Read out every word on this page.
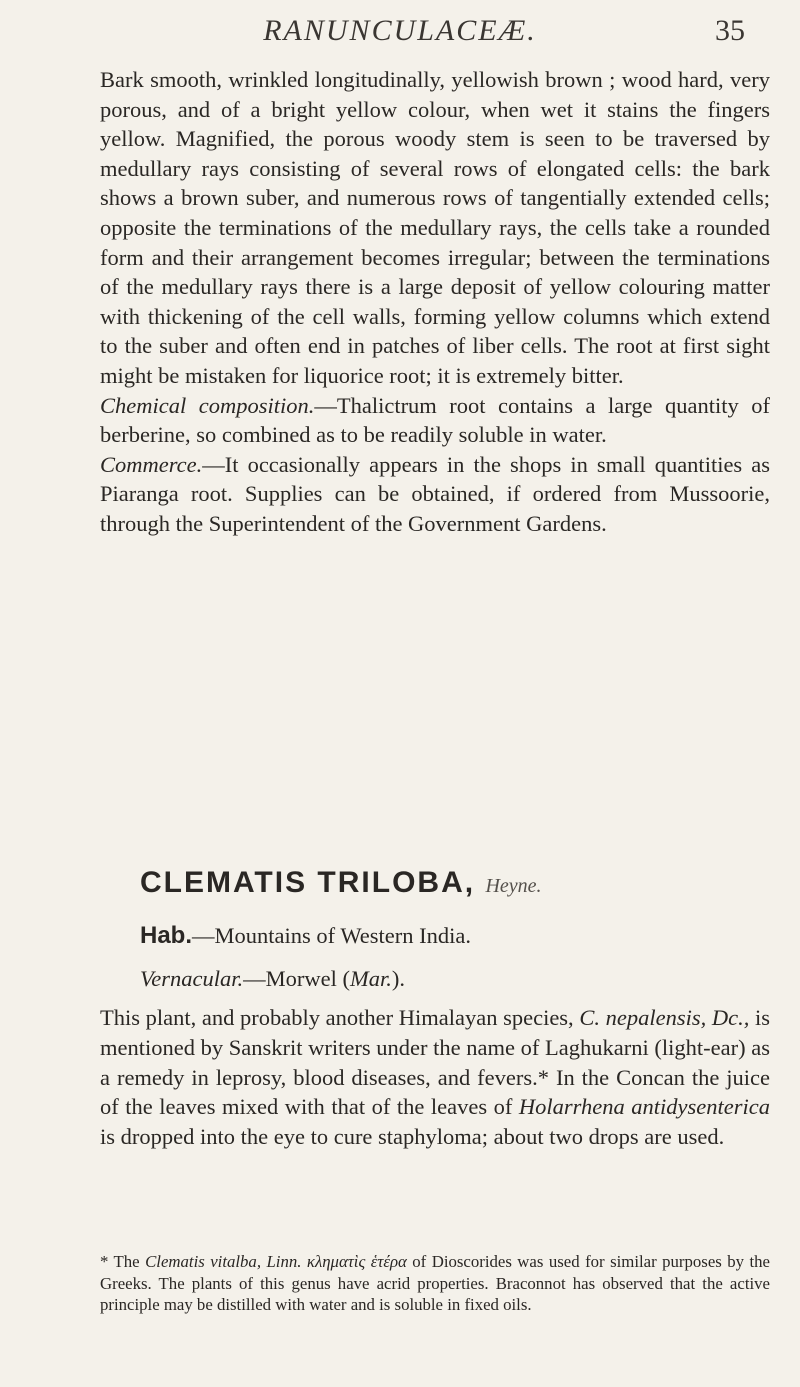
RANUNCULACEÆ.	35

Bark smooth, wrinkled longitudinally, yellowish brown ; wood hard, very porous, and of a bright yellow colour, when wet it stains the fingers yellow. Magnified, the porous woody stem is seen to be traversed by medullary rays consisting of several rows of elongated cells: the bark shows a brown suber, and numerous rows of tangentially extended cells; opposite the terminations of the medullary rays, the cells take a rounded form and their arrangement becomes irregular; between the terminations of the medullary rays there is a large deposit of yellow colouring matter with thickening of the cell walls, forming yellow columns which extend to the suber and often end in patches of liber cells. The root at first sight might be mistaken for liquorice root; it is extremely bitter.

Chemical composition.—Thalictrum root contains a large quantity of berberine, so combined as to be readily soluble in water.

Commerce.—It occasionally appears in the shops in small quantities as Piaranga root. Supplies can be obtained, if ordered from Mussoorie, through the Superintendent of the Government Gardens.

CLEMATIS TRILOBA, Heyne.
Hab.—Mountains of Western India.
Vernacular.—Morwel (Mar.).

This plant, and probably another Himalayan species, C. nepalensis, Dc., is mentioned by Sanskrit writers under the name of Laghukarni (light-ear) as a remedy in leprosy, blood diseases, and fevers.* In the Concan the juice of the leaves mixed with that of the leaves of Holarrhena antidysenterica is dropped into the eye to cure staphyloma; about two drops are used.

* The Clematis vitalba, Linn. κληματὶς ἑτέρα of Dioscorides was used for similar purposes by the Greeks. The plants of this genus have acrid properties. Braconnot has observed that the active principle may be distilled with water and is soluble in fixed oils.
